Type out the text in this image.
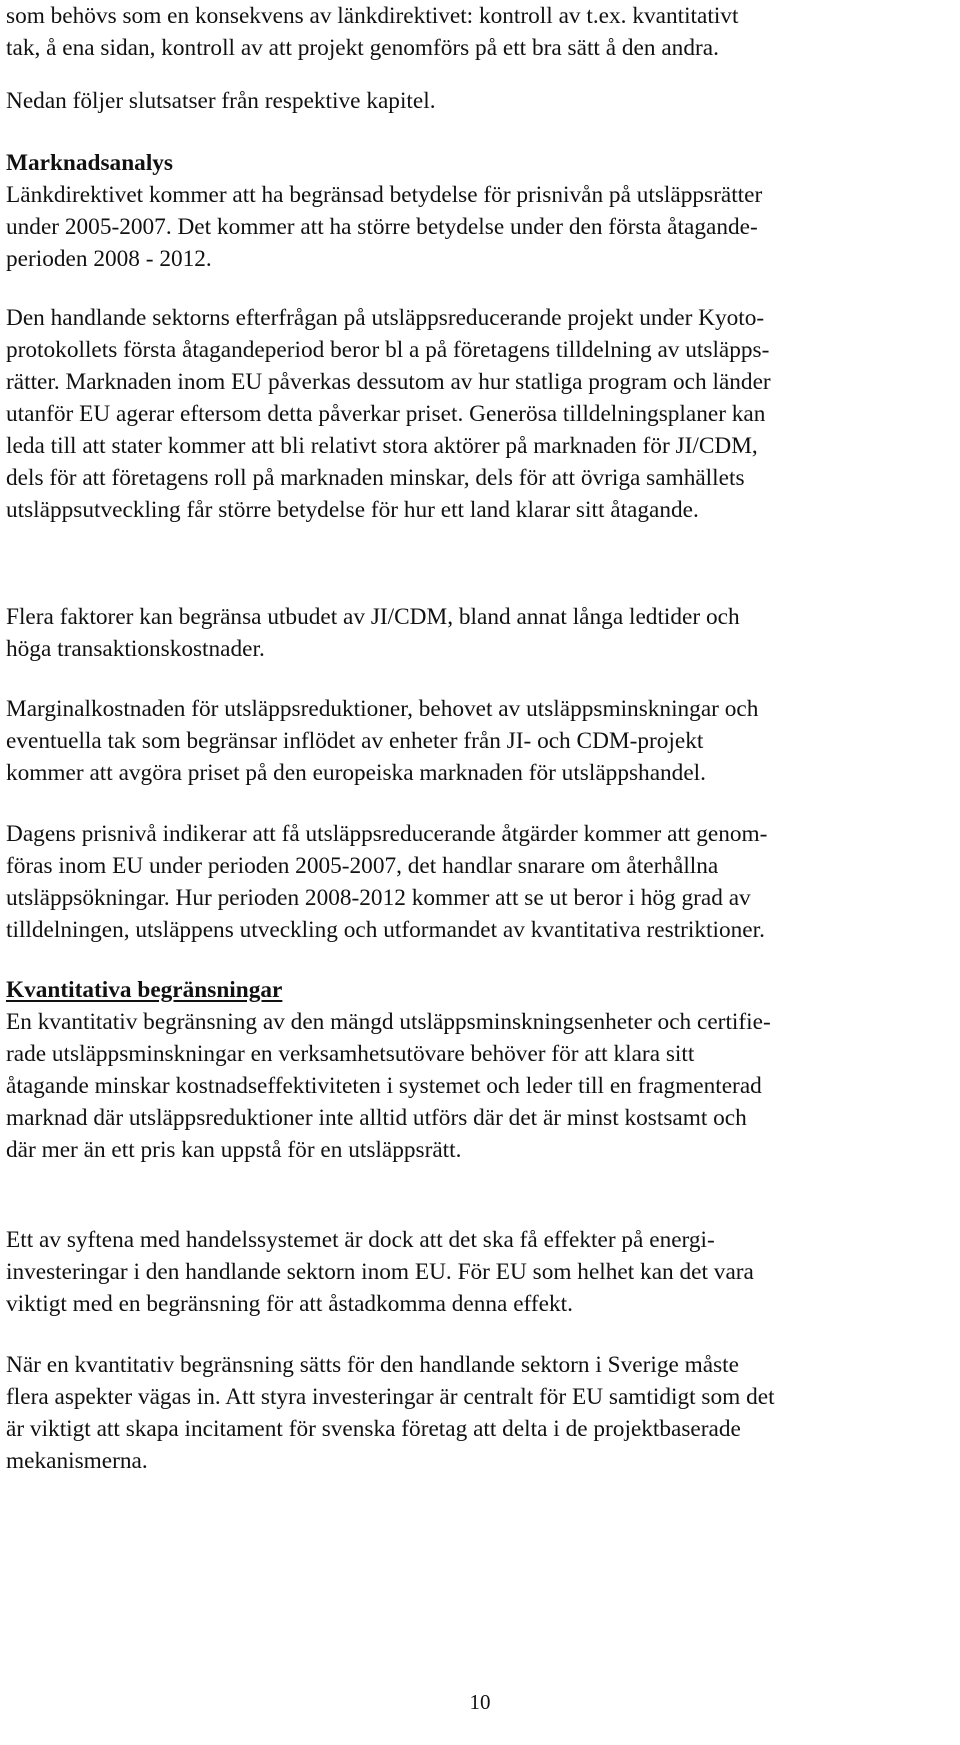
som behövs som en konsekvens av länkdirektivet: kontroll av t.ex. kvantitativt
tak, å ena sidan, kontroll av att projekt genomförs på ett bra sätt å den andra.
Nedan följer slutsatser från respektive kapitel.
Marknadsanalys
Länkdirektivet kommer att ha begränsad betydelse för prisnivån på utsläppsrätter
under 2005-2007. Det kommer att ha större betydelse under den första åtagande-
perioden 2008 - 2012.
Den handlande sektorns efterfrågan på utsläppsreducerande projekt under Kyoto-
protokollets första åtagandeperiod beror bl a på företagens tilldelning av utsläpps-
rätter. Marknaden inom EU påverkas dessutom av hur statliga program och länder
utanför EU agerar eftersom detta påverkar priset. Generösa tilldelningsplaner kan
leda till att stater kommer att bli relativt stora aktörer på marknaden för JI/CDM,
dels för att företagens roll på marknaden minskar, dels för att övriga samhällets
utsläppsutveckling får större betydelse för hur ett land klarar sitt åtagande.
Flera faktorer kan begränsa utbudet av JI/CDM, bland annat långa ledtider och
höga transaktionskostnader.
Marginalkostnaden för utsläppsreduktioner, behovet av utsläppsminskningar och
eventuella tak som begränsar inflödet av enheter från JI- och CDM-projekt
kommer att avgöra priset på den europeiska marknaden för utsläppshandel.
Dagens prisnivå indikerar att få utsläppsreducerande åtgärder kommer att genom-
föras inom EU under perioden 2005-2007, det handlar snarare om återhållna
utsläppsökningar. Hur perioden 2008-2012 kommer att se ut beror i hög grad av
tilldelningen, utsläppens utveckling och utformandet av kvantitativa restriktioner.
Kvantitativa begränsningar
En kvantitativ begränsning av den mängd utsläppsminskningsenheter och certifie-
rade utsläppsminskningar en verksamhetsutövare behöver för att klara sitt
åtagande minskar kostnadseffektiviteten i systemet och leder till en fragmenterad
marknad där utsläppsreduktioner inte alltid utförs där det är minst kostsamt och
där mer än ett pris kan uppstå för en utsläppsrätt.
Ett av syftena med handelssystemet är dock att det ska få effekter på energi-
investeringar i den handlande sektorn inom EU. För EU som helhet kan det vara
viktigt med en begränsning för att åstadkomma denna effekt.
När en kvantitativ begränsning sätts för den handlande sektorn i Sverige måste
flera aspekter vägas in. Att styra investeringar är centralt för EU samtidigt som det
är viktigt att skapa incitament för svenska företag att delta i de projektbaserade
mekanismerna.
10
